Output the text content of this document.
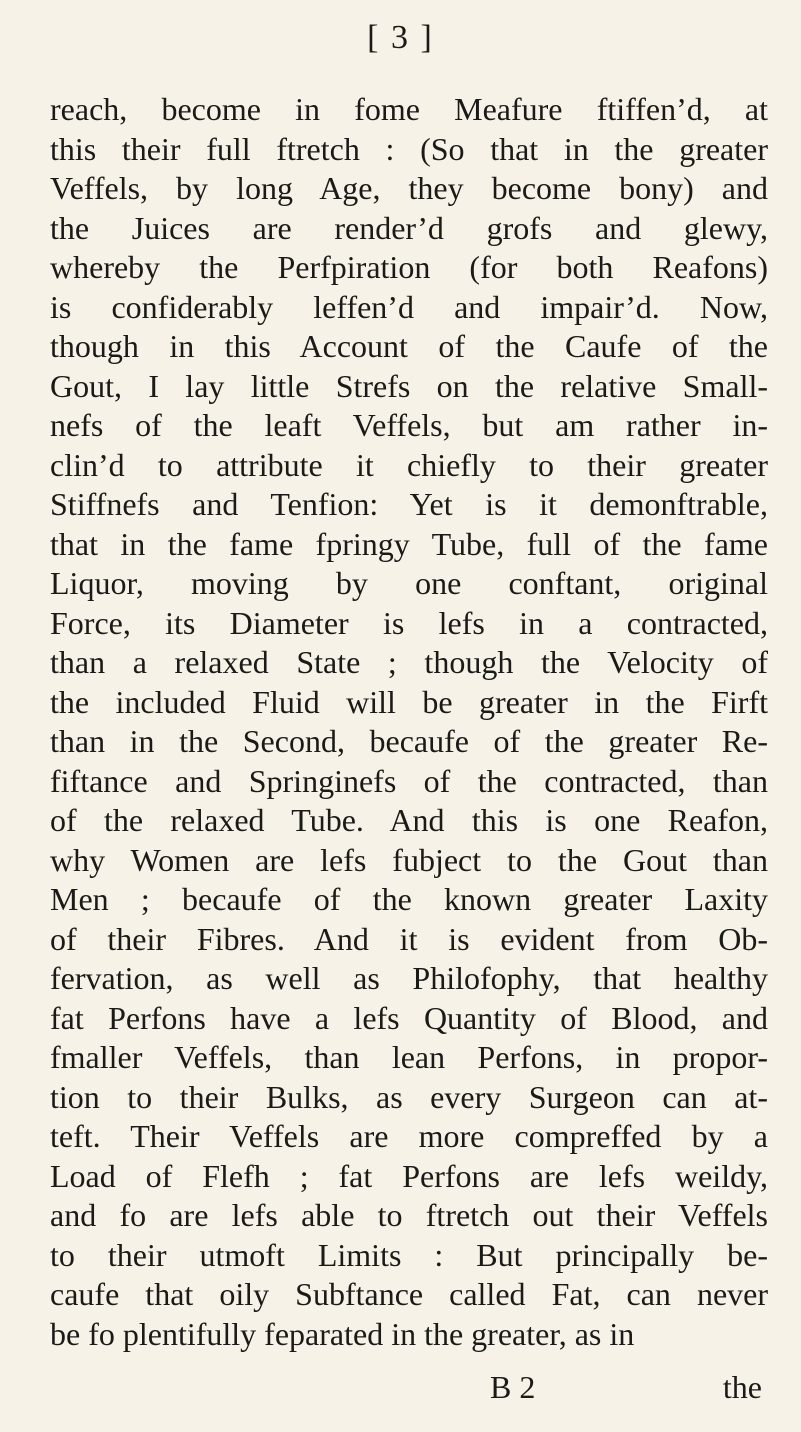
[ 3 ]
reach, become in fome Meafure ftiffen’d, at
this their full ftretch : (So that in the greater
Veffels, by long Age, they become bony) and
the Juices are render’d grofs and glewy,
whereby the Perfpiration (for both Reafons)
is confiderably leffen’d and impair’d. Now,
though in this Account of the Caufe of the
Gout, I lay little Strefs on the relative Small-
nefs of the leaft Veffels, but am rather in-
clin’d to attribute it chiefly to their greater
Stiffnefs and Tenfion: Yet is it demonftrable,
that in the fame fpringy Tube, full of the fame
Liquor, moving by one conftant, original
Force, its Diameter is lefs in a contracted,
than a relaxed State ; though the Velocity of
the included Fluid will be greater in the Firft
than in the Second, becaufe of the greater Re-
fiftance and Springinefs of the contracted, than
of the relaxed Tube. And this is one Reafon,
why Women are lefs fubject to the Gout than
Men ; becaufe of the known greater Laxity
of their Fibres. And it is evident from Ob-
fervation, as well as Philofophy, that healthy
fat Perfons have a lefs Quantity of Blood, and
fmaller Veffels, than lean Perfons, in propor-
tion to their Bulks, as every Surgeon can at-
teft. Their Veffels are more compreffed by a
Load of Flefh ; fat Perfons are lefs weildy,
and fo are lefs able to ftretch out their Veffels
to their utmoft Limits : But principally be-
caufe that oily Subftance called Fat, can never
be fo plentifully feparated in the greater, as in
B 2	the
